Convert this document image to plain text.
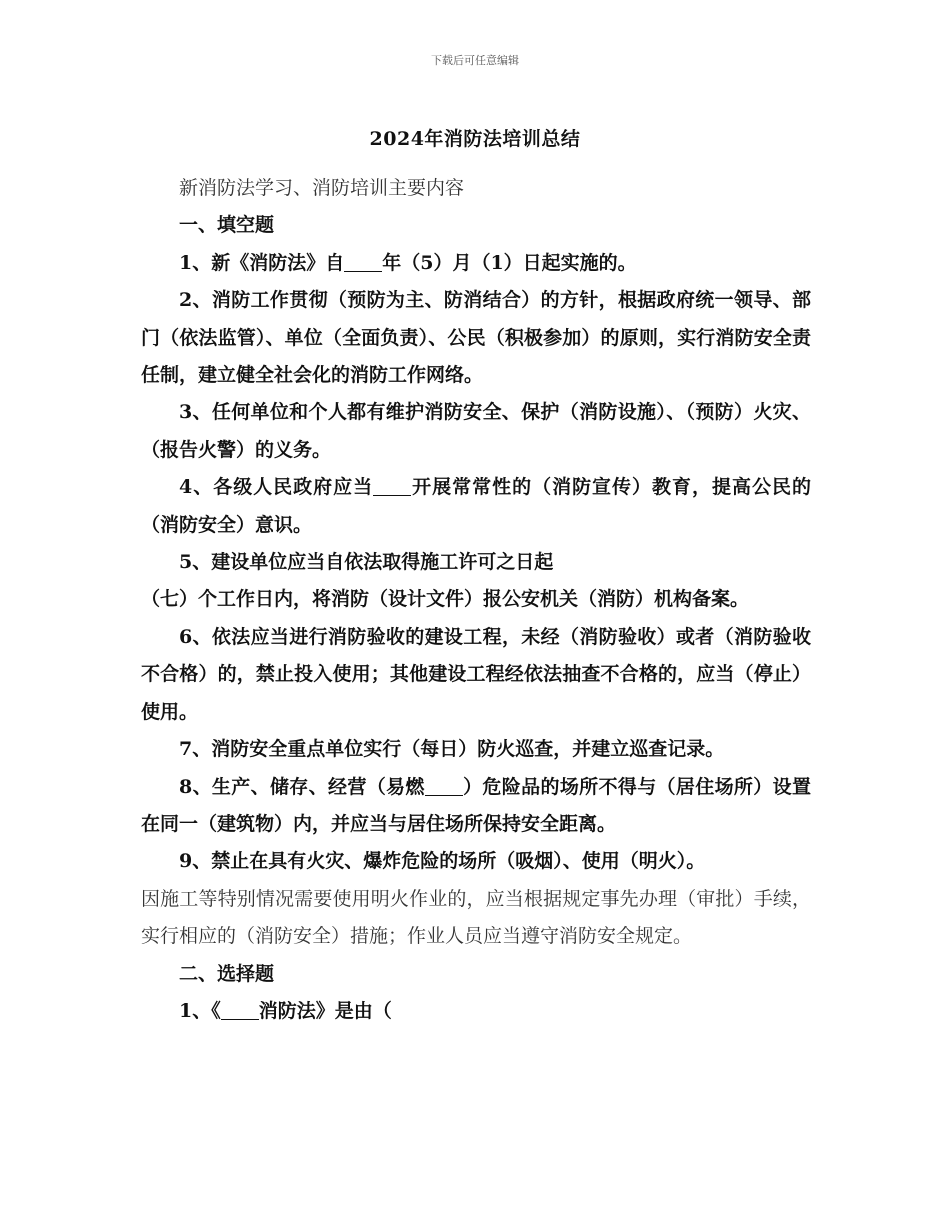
下载后可任意编辑
2024年消防法培训总结

新消防法学习、消防培训主要内容

一、填空题

1、新《消防法》自 年（5）月（1）日起实施的。

2、消防工作贯彻（预防为主、防消结合）的方针，根据政府统一领导、部门（依法监管）、单位（全面负责）、公民（积极参加）的原则，实行消防安全责任制，建立健全社会化的消防工作网络。

3、任何单位和个人都有维护消防安全、保护（消防设施）、（预防）火灾、（报告火警）的义务。

4、各级人民政府应当 开展常常性的（消防宣传）教育，提高公民的（消防安全）意识。

5、建设单位应当自依法取得施工许可之日起

（七）个工作日内，将消防（设计文件）报公安机关（消防）机构备案。

6、依法应当进行消防验收的建设工程，未经（消防验收）或者（消防验收不合格）的，禁止投入使用；其他建设工程经依法抽查不合格的，应当（停止）使用。

7、消防安全重点单位实行（每日）防火巡查，并建立巡查记录。

8、生产、储存、经营（易燃 ）危险品的场所不得与（居住场所）设置在同一（建筑物）内，并应当与居住场所保持安全距离。

9、禁止在具有火灾、爆炸危险的场所（吸烟）、使用（明火）。

因施工等特别情况需要使用明火作业的，应当根据规定事先办理（审批）手续，实行相应的（消防安全）措施；作业人员应当遵守消防安全规定。

二、选择题

1、《 消防法》是由（
